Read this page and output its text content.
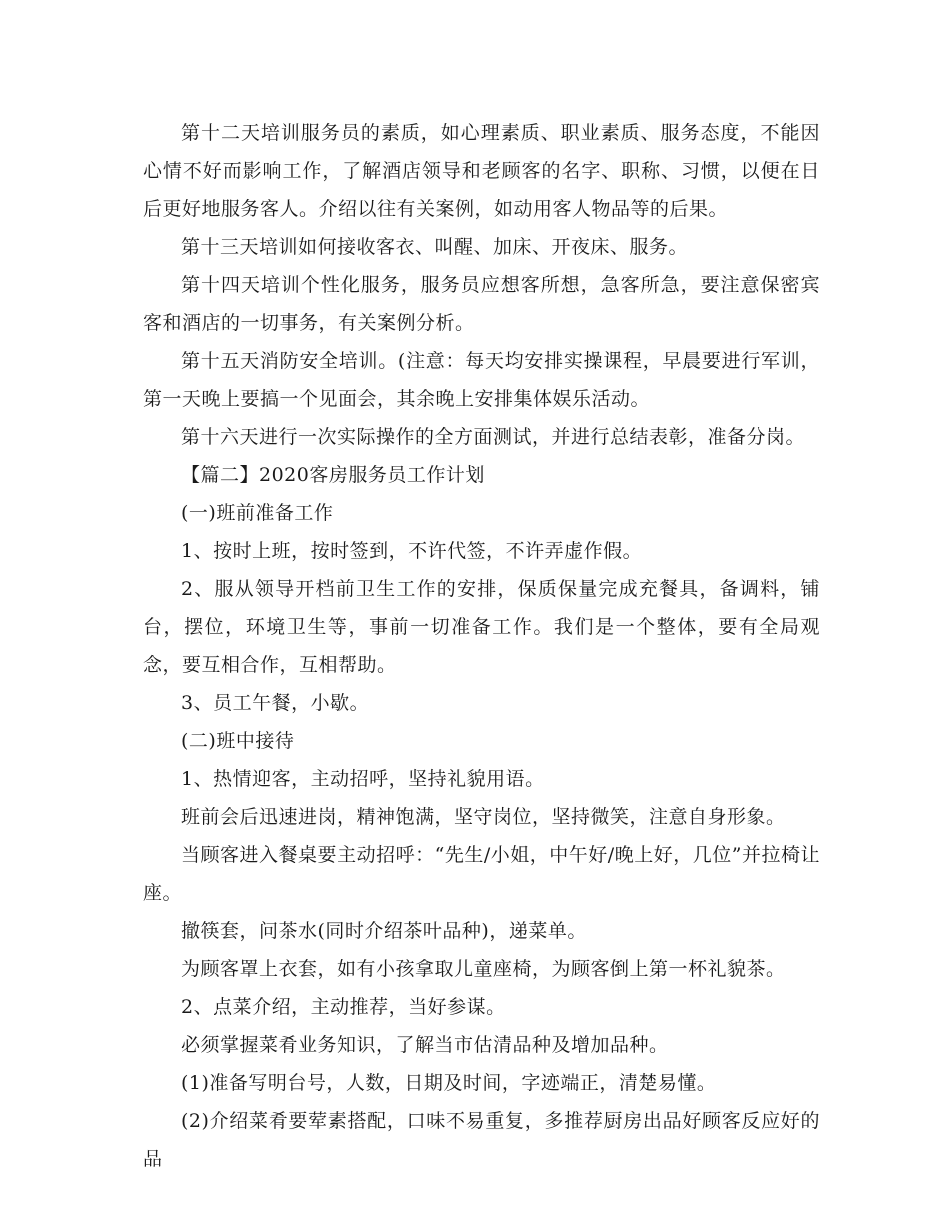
第十二天培训服务员的素质，如心理素质、职业素质、服务态度，不能因心情不好而影响工作，了解酒店领导和老顾客的名字、职称、习惯，以便在日后更好地服务客人。介绍以往有关案例，如动用客人物品等的后果。

第十三天培训如何接收客衣、叫醒、加床、开夜床、服务。

第十四天培训个性化服务，服务员应想客所想，急客所急，要注意保密宾客和酒店的一切事务，有关案例分析。

第十五天消防安全培训。(注意：每天均安排实操课程，早晨要进行军训，第一天晚上要搞一个见面会，其余晚上安排集体娱乐活动。

第十六天进行一次实际操作的全方面测试，并进行总结表彰，准备分岗。

【篇二】2020客房服务员工作计划

(一)班前准备工作

1、按时上班，按时签到，不许代签，不许弄虚作假。

2、服从领导开档前卫生工作的安排，保质保量完成充餐具，备调料，铺台，摆位，环境卫生等，事前一切准备工作。我们是一个整体，要有全局观念，要互相合作，互相帮助。

3、员工午餐，小歇。

(二)班中接待

1、热情迎客，主动招呼，坚持礼貌用语。

班前会后迅速进岗，精神饱满，坚守岗位，坚持微笑，注意自身形象。

当顾客进入餐桌要主动招呼：“先生/小姐，中午好/晚上好，几位”并拉椅让座。

撤筷套，问茶水(同时介绍茶叶品种)，递菜单。

为顾客罩上衣套，如有小孩拿取儿童座椅，为顾客倒上第一杯礼貌茶。

2、点菜介绍，主动推荐，当好参谋。

必须掌握菜肴业务知识，了解当市估清品种及增加品种。

(1)准备写明台号，人数，日期及时间，字迹端正，清楚易懂。

(2)介绍菜肴要荤素搭配，口味不易重复，多推荐厨房出品好顾客反应好的品
